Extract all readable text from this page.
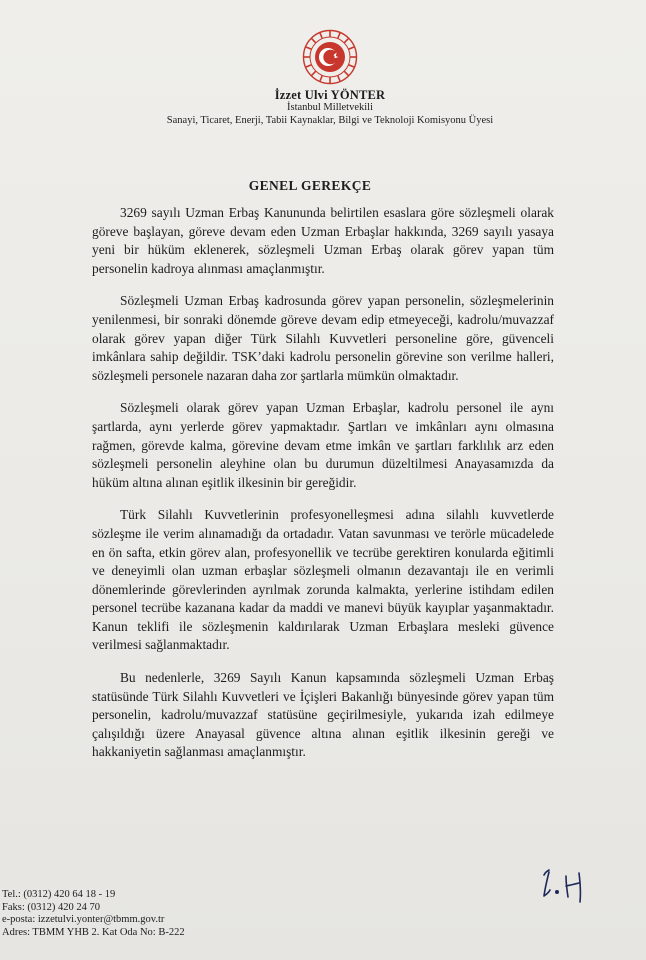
İzzet Ulvi YÖNTER
İstanbul Milletvekili
Sanayi, Ticaret, Enerji, Tabii Kaynaklar, Bilgi ve Teknoloji Komisyonu Üyesi
GENEL GEREKÇE

3269 sayılı Uzman Erbaş Kanununda belirtilen esaslara göre sözleşmeli olarak göreve başlayan, göreve devam eden Uzman Erbaşlar hakkında, 3269 sayılı yasaya yeni bir hüküm eklenerek, sözleşmeli Uzman Erbaş olarak görev yapan tüm personelin kadroya alınması amaçlanmıştır.

Sözleşmeli Uzman Erbaş kadrosunda görev yapan personelin, sözleşmelerinin yenilenmesi, bir sonraki dönemde göreve devam edip etmeyeceği, kadrolu/muvazzaf olarak görev yapan diğer Türk Silahlı Kuvvetleri personeline göre, güvenceli imkânlara sahip değildir. TSK’daki kadrolu personelin görevine son verilme halleri, sözleşmeli personele nazaran daha zor şartlarla mümkün olmaktadır.

Sözleşmeli olarak görev yapan Uzman Erbaşlar, kadrolu personel ile aynı şartlarda, aynı yerlerde görev yapmaktadır. Şartları ve imkânları aynı olmasına rağmen, görevde kalma, görevine devam etme imkân ve şartları farklılık arz eden sözleşmeli personelin aleyhine olan bu durumun düzeltilmesi Anayasamızda da hüküm altına alınan eşitlik ilkesinin bir gereğidir.

Türk Silahlı Kuvvetlerinin profesyonelleşmesi adına silahlı kuvvetlerde sözleşme ile verim alınamadığı da ortadadır. Vatan savunması ve terörle mücadelede en ön safta, etkin görev alan, profesyonellik ve tecrübe gerektiren konularda eğitimli ve deneyimli olan uzman erbaşlar sözleşmeli olmanın dezavantajı ile en verimli dönemlerinde görevlerinden ayrılmak zorunda kalmakta, yerlerine istihdam edilen personel tecrübe kazanana kadar da maddi ve manevi büyük kayıplar yaşanmaktadır. Kanun teklifi ile sözleşmenin kaldırılarak Uzman Erbaşlara mesleki güvence verilmesi sağlanmaktadır.

Bu nedenlerle, 3269 Sayılı Kanun kapsamında sözleşmeli Uzman Erbaş statüsünde Türk Silahlı Kuvvetleri ve İçişleri Bakanlığı bünyesinde görev yapan tüm personelin, kadrolu/muvazzaf statüsüne geçirilmesiyle, yukarıda izah edilmeye çalışıldığı üzere Anayasal güvence altına alınan eşitlik ilkesinin gereği ve hakkaniyetin sağlanması amaçlanmıştır.

Tel.: (0312) 420 64 18 - 19
Faks: (0312) 420 24 70
e-posta: izzetulvi.yonter@tbmm.gov.tr
Adres: TBMM YHB 2. Kat Oda No: B-222
